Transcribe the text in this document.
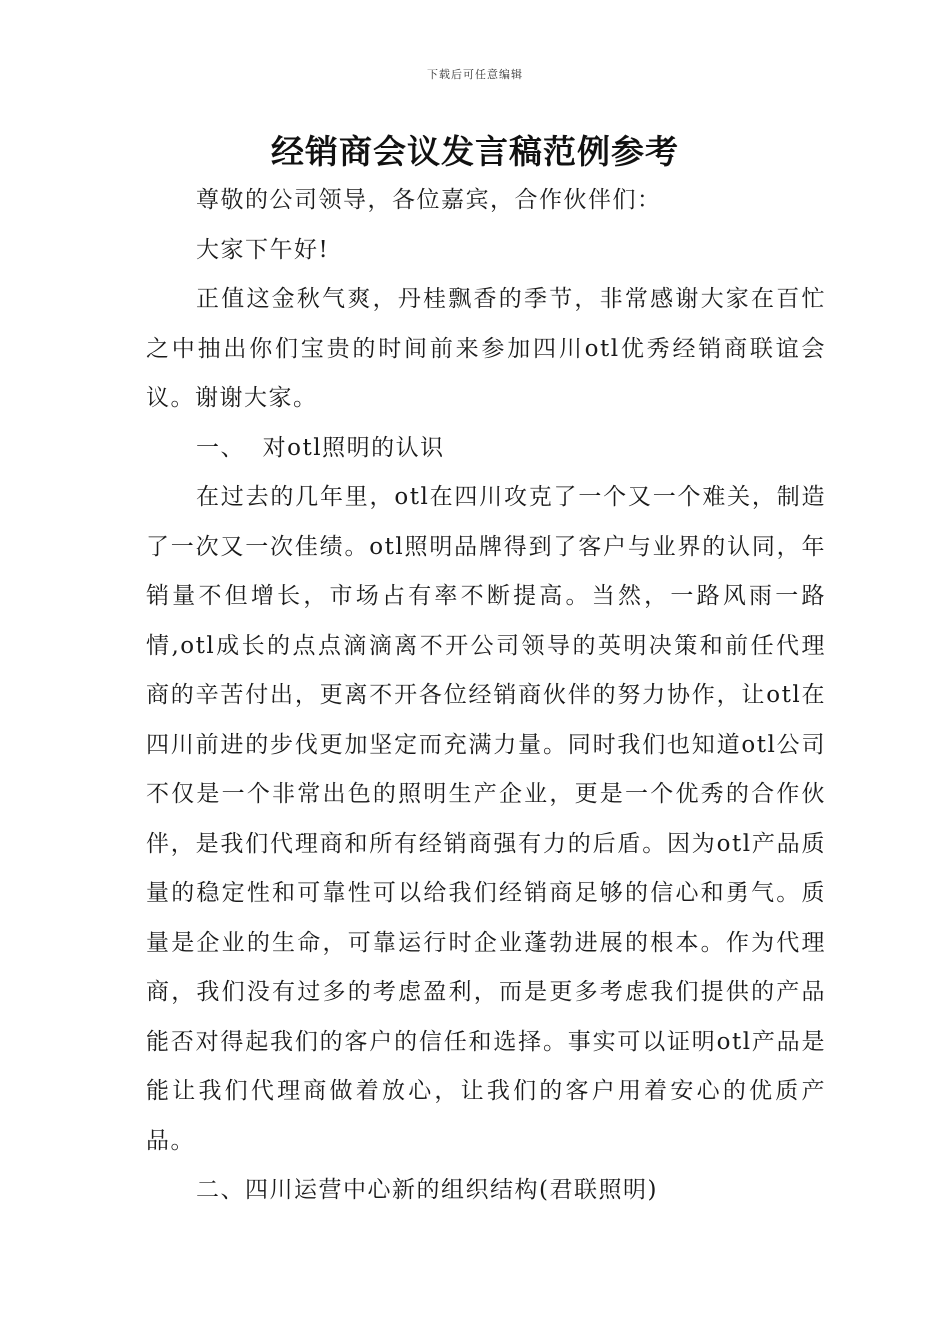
下载后可任意编辑
经销商会议发言稿范例参考

尊敬的公司领导，各位嘉宾，合作伙伴们：

大家下午好!

正值这金秋气爽，丹桂飘香的季节，非常感谢大家在百忙之中抽出你们宝贵的时间前来参加四川otl优秀经销商联谊会议。谢谢大家。

一、  对otl照明的认识

在过去的几年里，otl在四川攻克了一个又一个难关，制造了一次又一次佳绩。otl照明品牌得到了客户与业界的认同，年销量不但增长，市场占有率不断提高。当然，一路风雨一路情,otl成长的点点滴滴离不开公司领导的英明决策和前任代理商的辛苦付出，更离不开各位经销商伙伴的努力协作，让otl在四川前进的步伐更加坚定而充满力量。同时我们也知道otl公司不仅是一个非常出色的照明生产企业，更是一个优秀的合作伙伴，是我们代理商和所有经销商强有力的后盾。因为otl产品质量的稳定性和可靠性可以给我们经销商足够的信心和勇气。质量是企业的生命，可靠运行时企业蓬勃进展的根本。作为代理商，我们没有过多的考虑盈利，而是更多考虑我们提供的产品能否对得起我们的客户的信任和选择。事实可以证明otl产品是能让我们代理商做着放心，让我们的客户用着安心的优质产品。

二、四川运营中心新的组织结构(君联照明)
